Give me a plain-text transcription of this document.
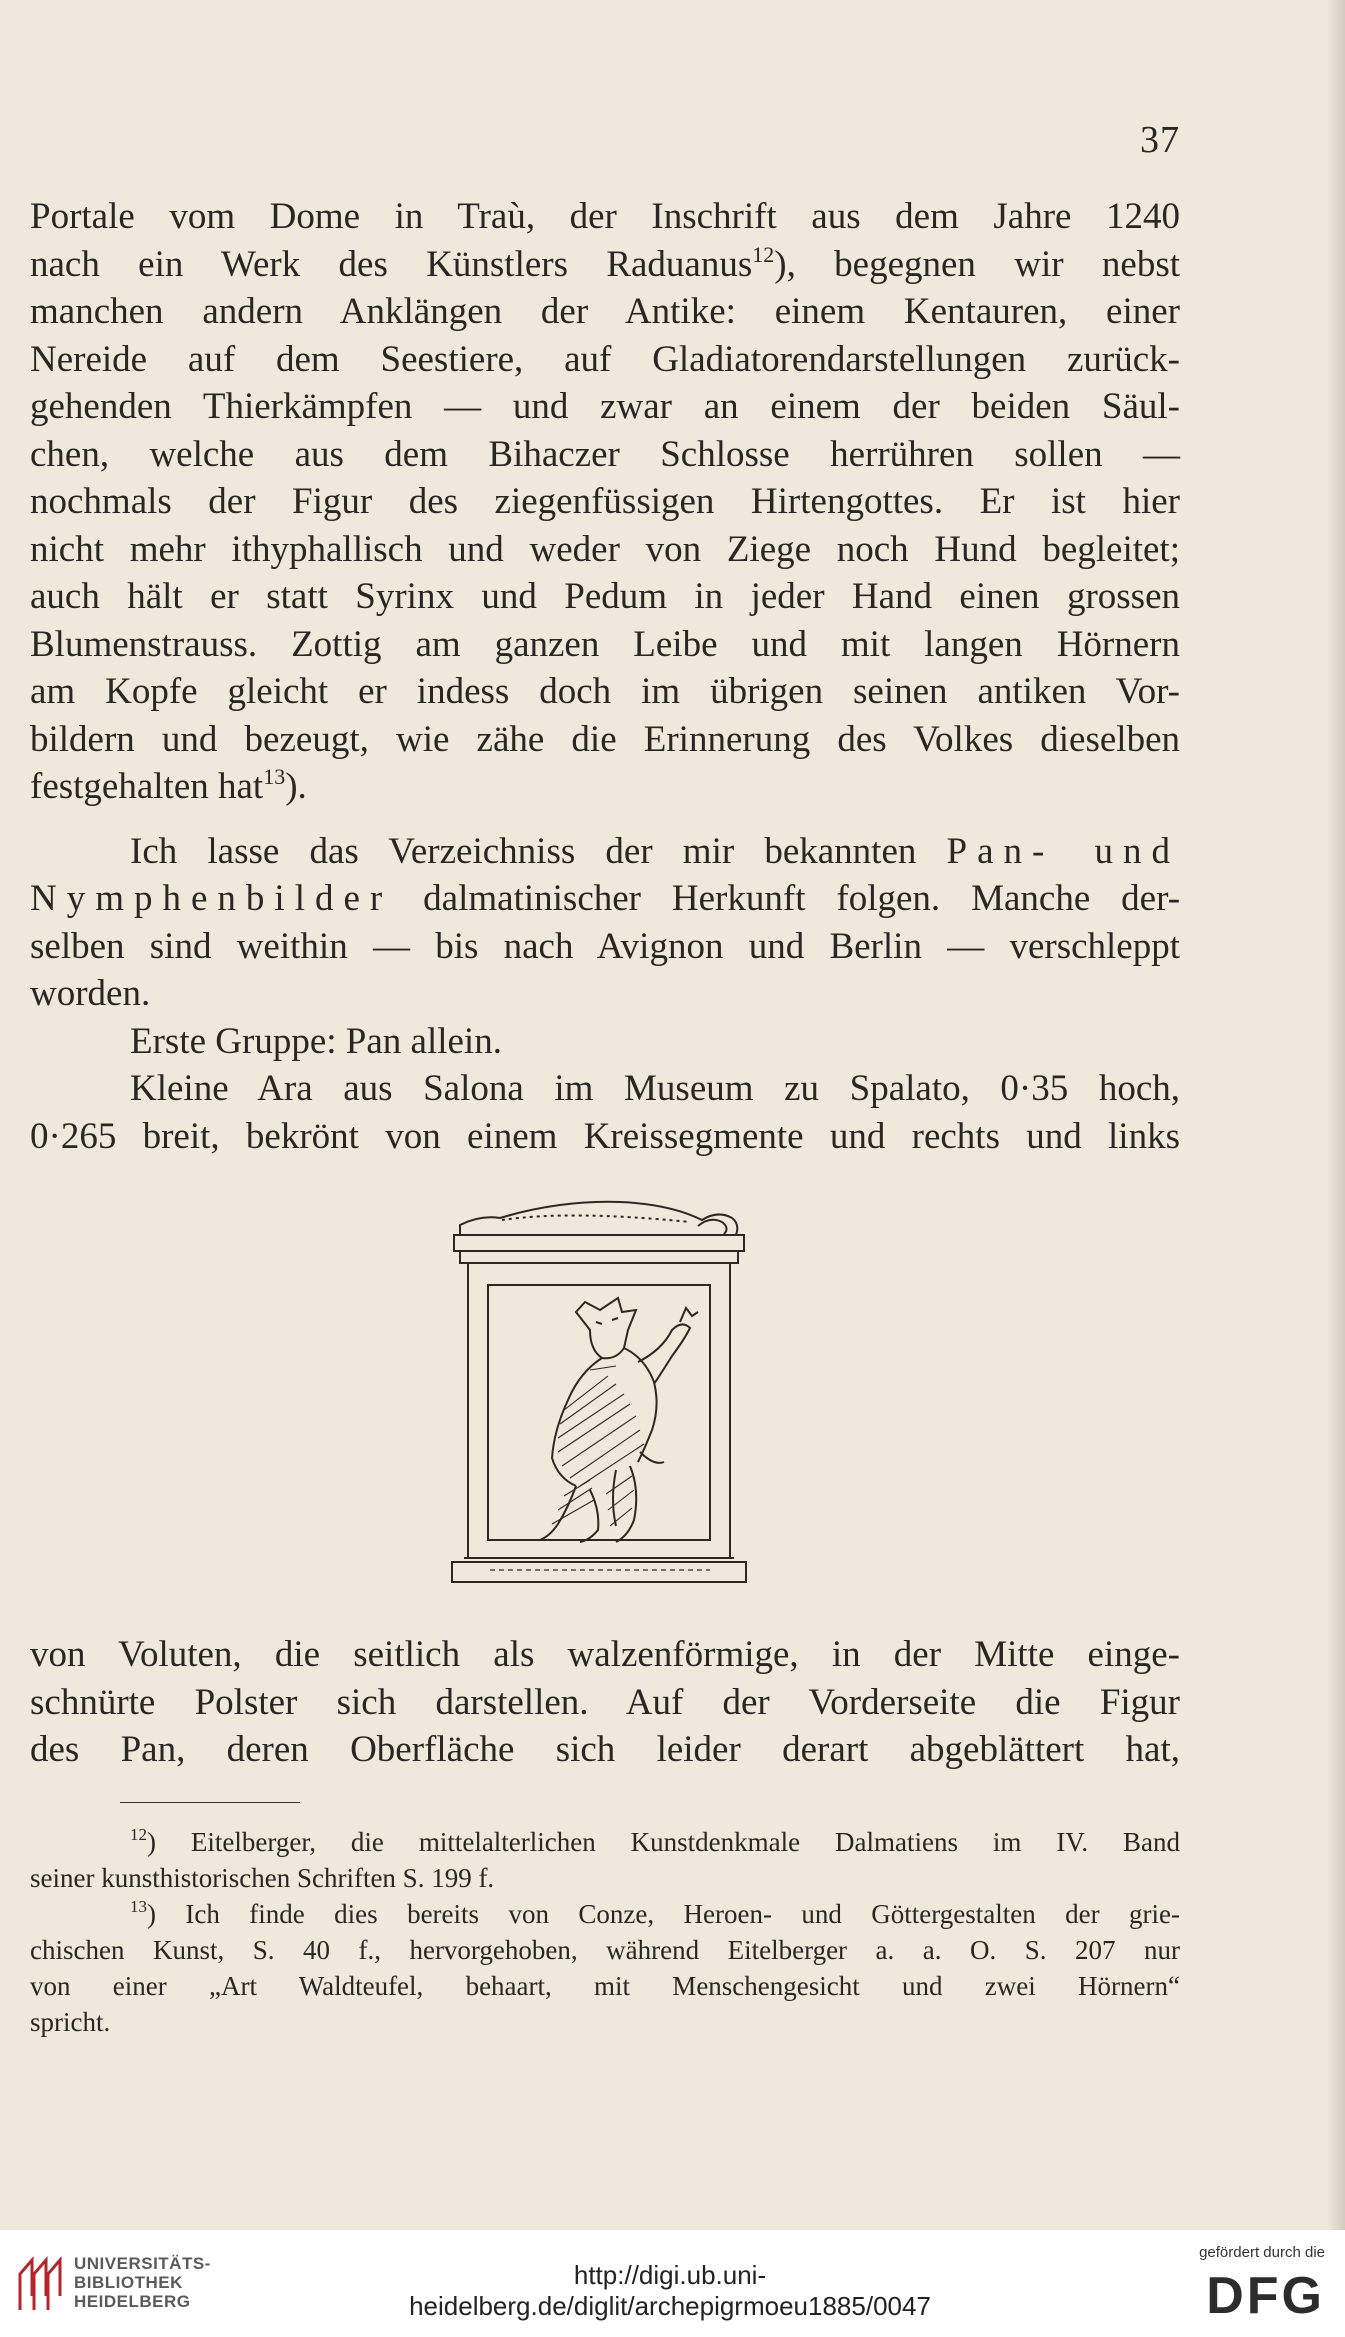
37
Portale vom Dome in Traù, der Inschrift aus dem Jahre 1240
nach ein Werk des Künstlers Raduanus$^{12}$), begegnen wir nebst
manchen andern Anklängen der Antike: einem Kentauren, einer
Nereide auf dem Seestiere, auf Gladiatorendarstellungen zurück-
gehenden Thierkämpfen — und zwar an einem der beiden Säul-
chen, welche aus dem Bihaczer Schlosse herrühren sollen —
nochmals der Figur des ziegenfüssigen Hirtengottes. Er ist hier
nicht mehr ithyphallisch und weder von Ziege noch Hund begleitet;
auch hält er statt Syrinx und Pedum in jeder Hand einen grossen
Blumenstrauss. Zottig am ganzen Leibe und mit langen Hörnern
am Kopfe gleicht er indess doch im übrigen seinen antiken Vor-
bildern und bezeugt, wie zähe die Erinnerung des Volkes dieselben
festgehalten hat$^{13}$).
Ich lasse das Verzeichniss der mir bekannten Pan- und
Nymphenbilder dalmatinischer Herkunft folgen. Manche der-
selben sind weithin — bis nach Avignon und Berlin — verschleppt
worden.
Erste Gruppe: Pan allein.
Kleine Ara aus Salona im Museum zu Spalato, 0·35 hoch,
0·265 breit, bekrönt von einem Kreissegmente und rechts und links
von Voluten, die seitlich als walzenförmige, in der Mitte einge-
schnürte Polster sich darstellen. Auf der Vorderseite die Figur
des Pan, deren Oberfläche sich leider derart abgeblättert hat,
$^{12}$) Eitelberger, die mittelalterlichen Kunstdenkmale Dalmatiens im IV. Band
seiner kunsthistorischen Schriften S. 199 f.
$^{13}$) Ich finde dies bereits von Conze, Heroen- und Göttergestalten der grie-
chischen Kunst, S. 40 f., hervorgehoben, während Eitelberger a. a. O. S. 207 nur
von einer „Art Waldteufel, behaart, mit Menschengesicht und zwei Hörnern“
spricht.
UNIVERSITÄTS-
BIBLIOTHEK
HEIDELBERG
http://digi.ub.uni-heidelberg.de/diglit/archepigrmoeu1885/0047
gefördert durch die
DFG
